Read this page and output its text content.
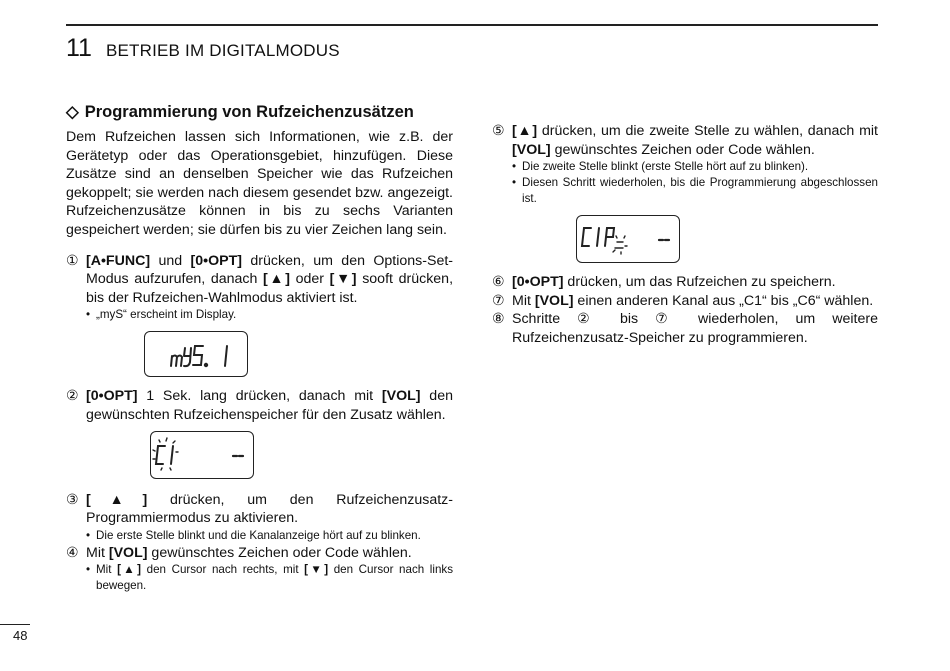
11 BETRIEB IM DIGITALMODUS
◇ Programmierung von Rufzeichenzusätzen

Dem Rufzeichen lassen sich Informationen, wie z.B. der Gerätetyp oder das Operationsgebiet, hinzufügen. Diese Zusätze sind an denselben Speicher wie das Rufzeichen gekoppelt; sie werden nach diesem gesendet bzw. angezeigt. Rufzeichenzusätze können in bis zu sechs Varianten gespeichert werden; sie dürfen bis zu vier Zeichen lang sein.

① [A•FUNC] und [0•OPT] drücken, um den Options-Set-Modus aufzurufen, danach [▲] oder [▼] sooft drücken, bis der Rufzeichen-Wahlmodus aktiviert ist.
• „myS“ erscheint im Display.
② [0•OPT] 1 Sek. lang drücken, danach mit [VOL] den gewünschten Rufzeichenspeicher für den Zusatz wählen.
③ [▲] drücken, um den Rufzeichenzusatz-Programmiermodus zu aktivieren.
• Die erste Stelle blinkt und die Kanalanzeige hört auf zu blinken.
④ Mit [VOL] gewünschtes Zeichen oder Code wählen.
• Mit [▲] den Cursor nach rechts, mit [▼] den Cursor nach links bewegen.
⑤ [▲] drücken, um die zweite Stelle zu wählen, danach mit [VOL] gewünschtes Zeichen oder Code wählen.
• Die zweite Stelle blinkt (erste Stelle hört auf zu blinken).
• Diesen Schritt wiederholen, bis die Programmierung abgeschlossen ist.
⑥ [0•OPT] drücken, um das Rufzeichen zu speichern.
⑦ Mit [VOL] einen anderen Kanal aus „C1“ bis „C6“ wählen.
⑧ Schritte ② bis ⑦ wiederholen, um weitere Rufzeichenzusatz-Speicher zu programmieren.
48
